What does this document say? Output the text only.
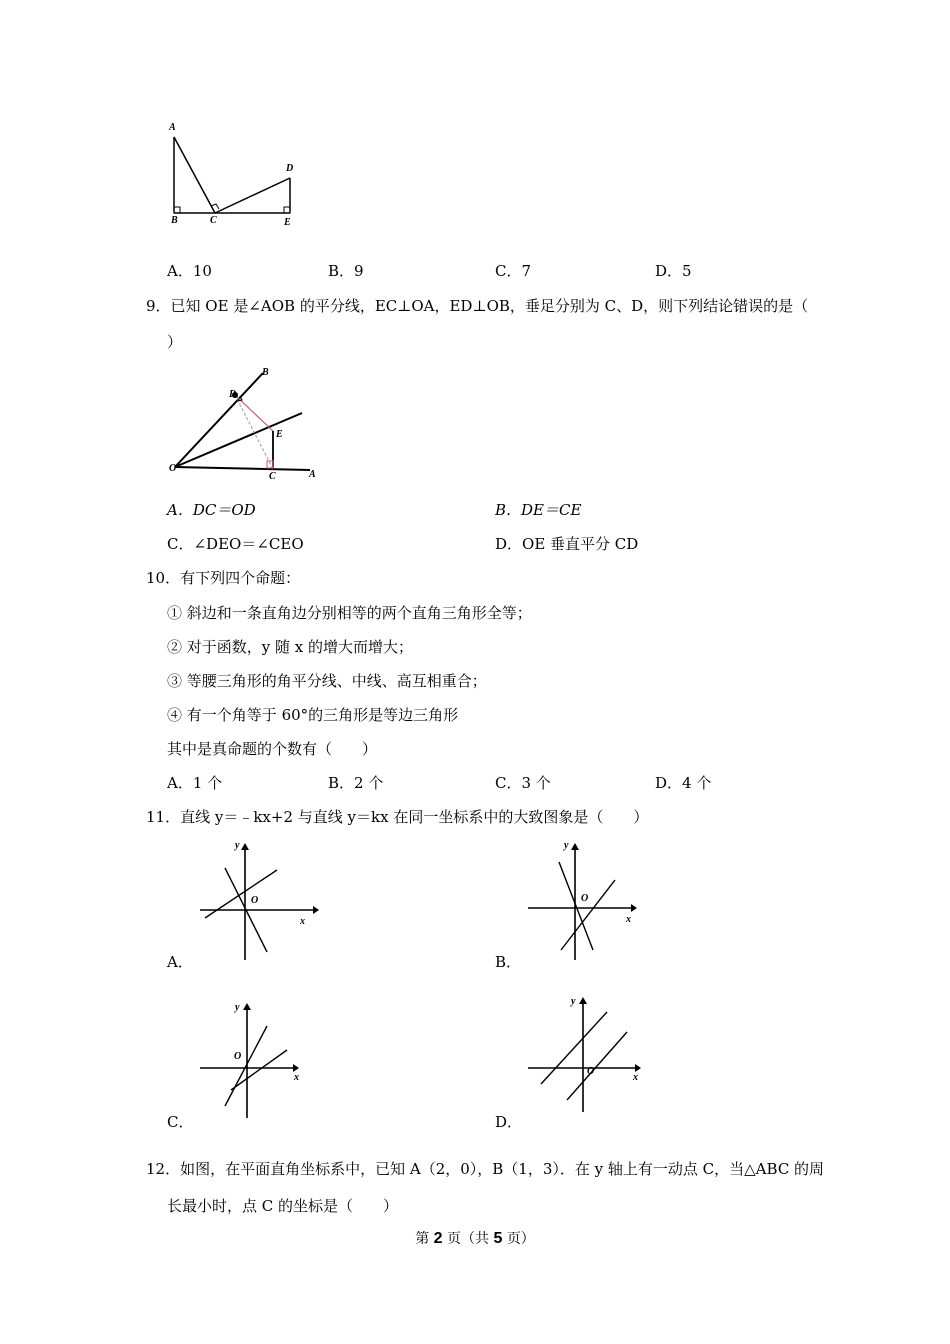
A
B	C
D
E
A．10	B．9	C．7	D．5
9．已知 OE 是∠AOB 的平分线，EC⊥OA，ED⊥OB，垂足分别为 C、D，则下列结论错误的是（
）
B
D
E
O
C	A
A．DC＝OD	B．DE＝CE
C．∠DEO＝∠CEO	D．OE 垂直平分 CD
10．有下列四个命题：
① 斜边和一条直角边分别相等的两个直角三角形全等；
② 对于函数，y 随 x 的增大而增大；
③ 等腰三角形的角平分线、中线、高互相重合；
④ 有一个角等于 60°的三角形是等边三角形
其中是真命题的个数有（　　）
A．1 个	B．2 个	C．3 个	D．4 个
11．直线 y＝﹣kx+2 与直线 y＝kx 在同一坐标系中的大致图象是（　　）
y
O
x
A．
y
O
x
B．
y
O
x
C．
y
O
x
D．
12．如图，在平面直角坐标系中，已知 A（2，0），B（1，3）．在 y 轴上有一动点 C，当△ABC 的周
长最小时，点 C 的坐标是（　　）
第 2 页（共 5 页）
